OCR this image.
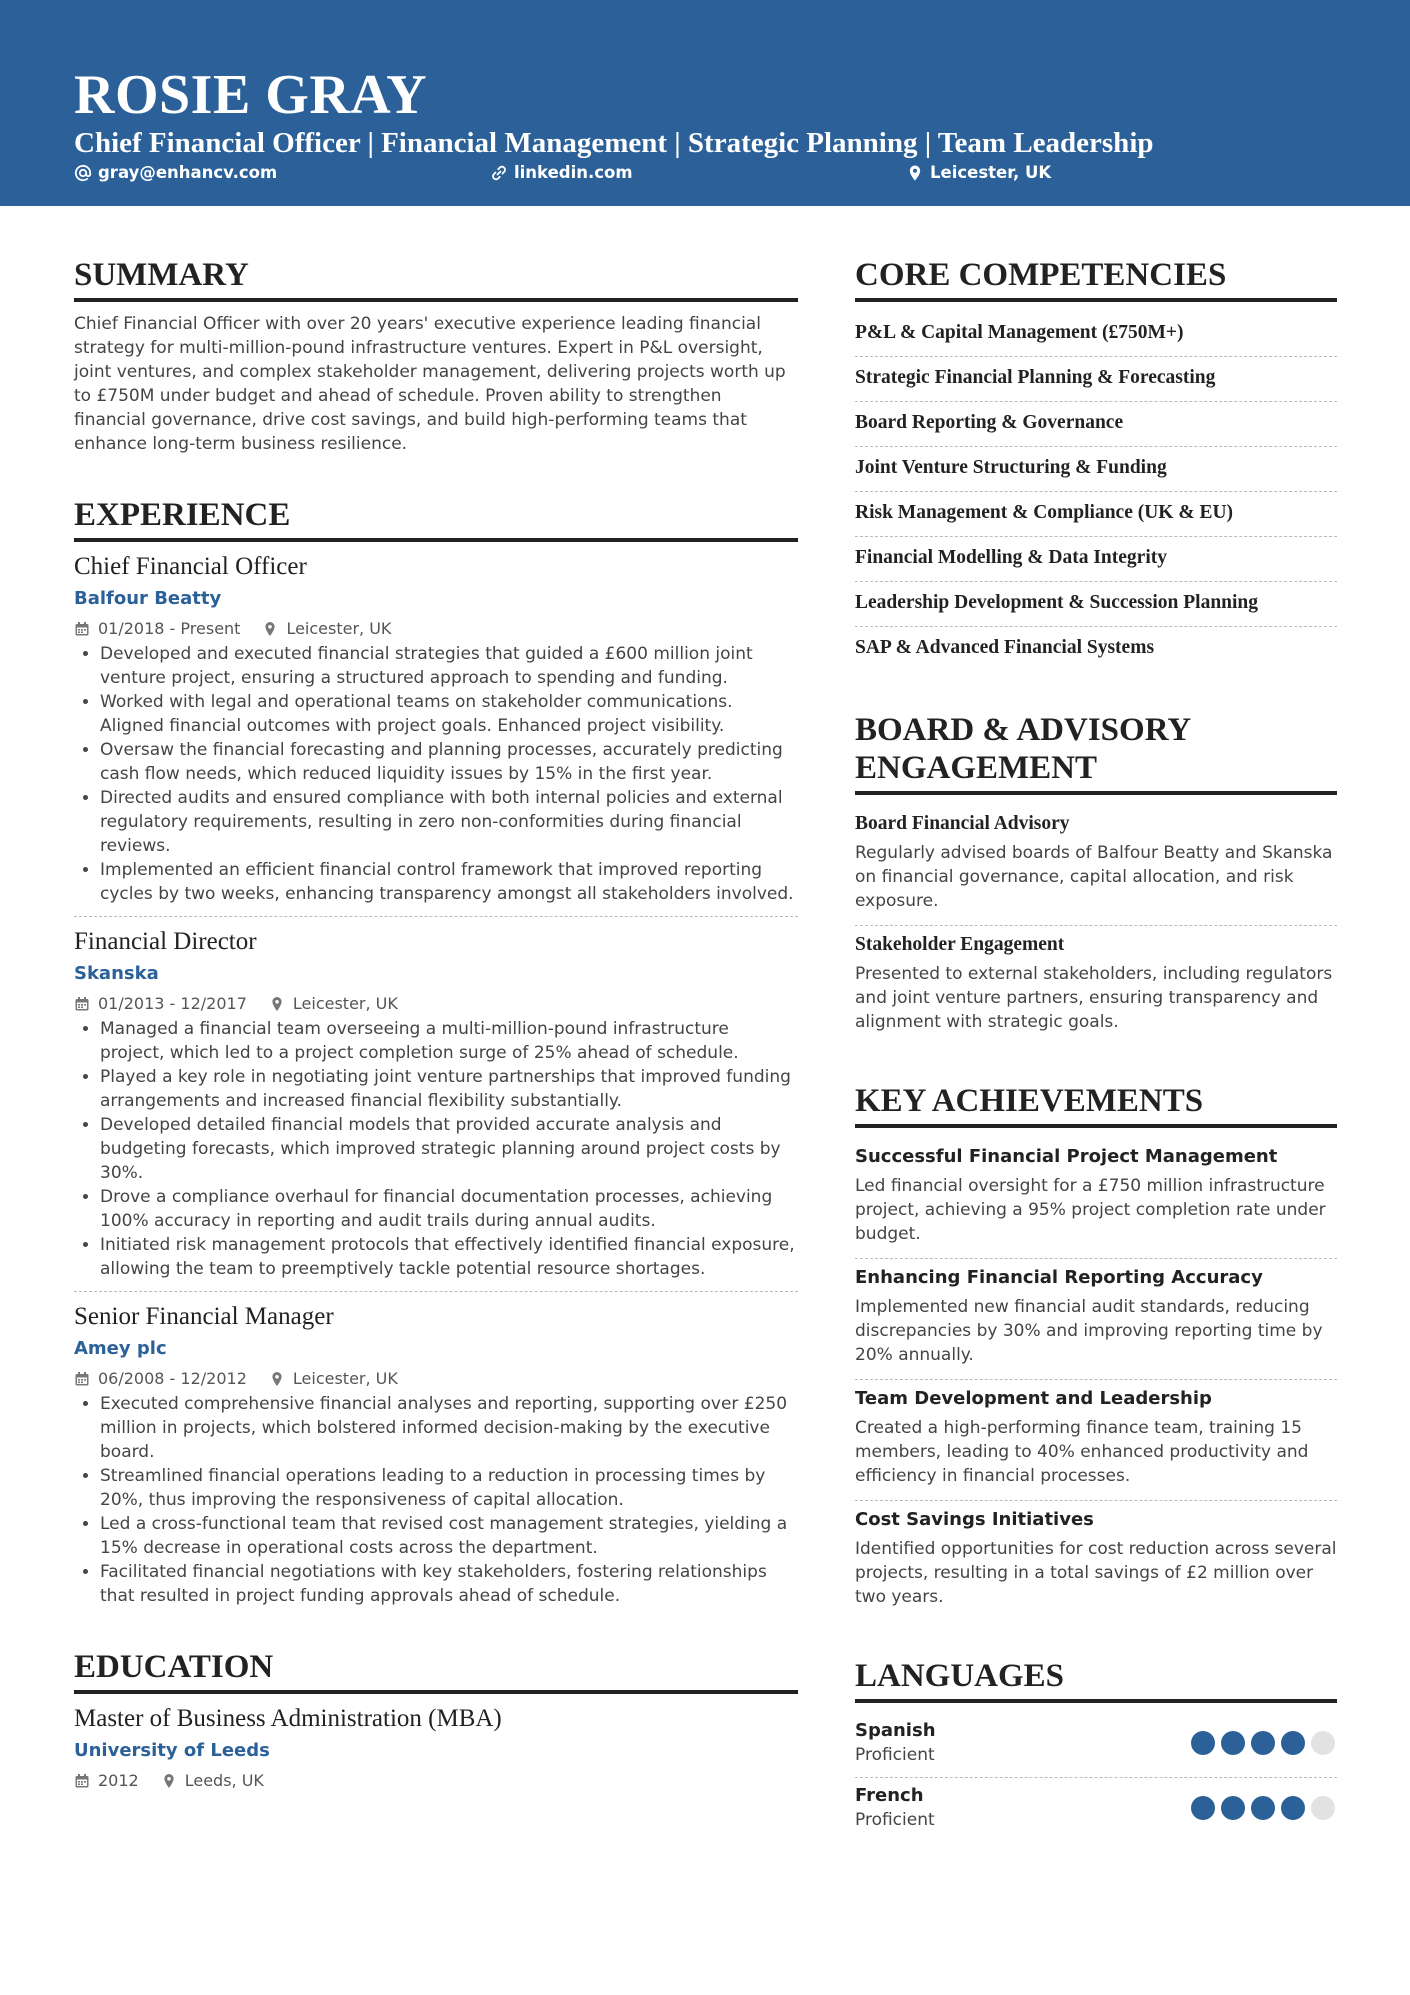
ROSIE GRAY
Chief Financial Officer | Financial Management | Strategic Planning | Team Leadership
gray@enhancv.com	linkedin.com	Leicester, UK
SUMMARY
Chief Financial Officer with over 20 years' executive experience leading financial strategy for multi-million-pound infrastructure ventures. Expert in P&L oversight, joint ventures, and complex stakeholder management, delivering projects worth up to £750M under budget and ahead of schedule. Proven ability to strengthen financial governance, drive cost savings, and build high-performing teams that enhance long-term business resilience.
EXPERIENCE
Chief Financial Officer
Balfour Beatty
01/2018 - Present	Leicester, UK
• Developed and executed financial strategies that guided a £600 million joint venture project, ensuring a structured approach to spending and funding.
• Worked with legal and operational teams on stakeholder communications. Aligned financial outcomes with project goals. Enhanced project visibility.
• Oversaw the financial forecasting and planning processes, accurately predicting cash flow needs, which reduced liquidity issues by 15% in the first year.
• Directed audits and ensured compliance with both internal policies and external regulatory requirements, resulting in zero non-conformities during financial reviews.
• Implemented an efficient financial control framework that improved reporting cycles by two weeks, enhancing transparency amongst all stakeholders involved.
Financial Director
Skanska
01/2013 - 12/2017	Leicester, UK
• Managed a financial team overseeing a multi-million-pound infrastructure project, which led to a project completion surge of 25% ahead of schedule.
• Played a key role in negotiating joint venture partnerships that improved funding arrangements and increased financial flexibility substantially.
• Developed detailed financial models that provided accurate analysis and budgeting forecasts, which improved strategic planning around project costs by 30%.
• Drove a compliance overhaul for financial documentation processes, achieving 100% accuracy in reporting and audit trails during annual audits.
• Initiated risk management protocols that effectively identified financial exposure, allowing the team to preemptively tackle potential resource shortages.
Senior Financial Manager
Amey plc
06/2008 - 12/2012	Leicester, UK
• Executed comprehensive financial analyses and reporting, supporting over £250 million in projects, which bolstered informed decision-making by the executive board.
• Streamlined financial operations leading to a reduction in processing times by 20%, thus improving the responsiveness of capital allocation.
• Led a cross-functional team that revised cost management strategies, yielding a 15% decrease in operational costs across the department.
• Facilitated financial negotiations with key stakeholders, fostering relationships that resulted in project funding approvals ahead of schedule.
EDUCATION
Master of Business Administration (MBA)
University of Leeds
2012	Leeds, UK
CORE COMPETENCIES
P&L & Capital Management (£750M+)
Strategic Financial Planning & Forecasting
Board Reporting & Governance
Joint Venture Structuring & Funding
Risk Management & Compliance (UK & EU)
Financial Modelling & Data Integrity
Leadership Development & Succession Planning
SAP & Advanced Financial Systems
BOARD & ADVISORY ENGAGEMENT
Board Financial Advisory
Regularly advised boards of Balfour Beatty and Skanska on financial governance, capital allocation, and risk exposure.
Stakeholder Engagement
Presented to external stakeholders, including regulators and joint venture partners, ensuring transparency and alignment with strategic goals.
KEY ACHIEVEMENTS
Successful Financial Project Management
Led financial oversight for a £750 million infrastructure project, achieving a 95% project completion rate under budget.
Enhancing Financial Reporting Accuracy
Implemented new financial audit standards, reducing discrepancies by 30% and improving reporting time by 20% annually.
Team Development and Leadership
Created a high-performing finance team, training 15 members, leading to 40% enhanced productivity and efficiency in financial processes.
Cost Savings Initiatives
Identified opportunities for cost reduction across several projects, resulting in a total savings of £2 million over two years.
LANGUAGES
Spanish
Proficient
French
Proficient
